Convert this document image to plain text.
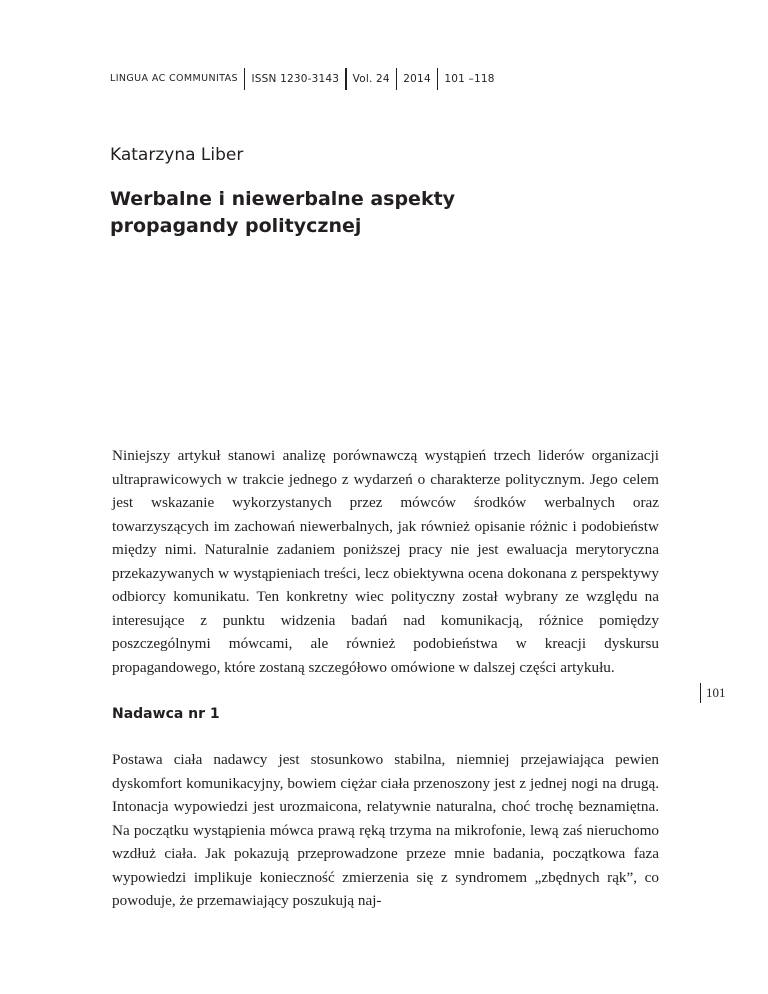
LINGUA AC COMMUNITAS	ISSN 1230-3143	Vol. 24	2014	101 –118
Katarzyna Liber
Werbalne i niewerbalne aspekty
propagandy politycznej

Niniejszy artykuł stanowi analizę porównawczą wystąpień trzech liderów organizacji ultraprawicowych w trakcie jednego z wydarzeń o charakterze politycznym. Jego celem jest wskazanie wykorzystanych przez mówców środków werbalnych oraz towarzyszących im zachowań niewerbalnych, jak również opisanie różnic i podobieństw między nimi. Naturalnie zadaniem poniższej pracy nie jest ewaluacja merytoryczna przekazywanych w wystąpieniach treści, lecz obiektywna ocena dokonana z perspektywy odbiorcy komunikatu. Ten konkretny wiec polityczny został wybrany ze względu na interesujące z punktu widzenia badań nad komunikacją, różnice pomiędzy poszczególnymi mówcami, ale również podobieństwa w kreacji dyskursu propagandowego, które zostaną szczegółowo omówione w dalszej części artykułu.

101
Nadawca nr 1

Postawa ciała nadawcy jest stosunkowo stabilna, niemniej przejawiająca pewien dyskomfort komunikacyjny, bowiem ciężar ciała przenoszony jest z jednej nogi na drugą. Intonacja wypowiedzi jest urozmaicona, relatywnie naturalna, choć trochę beznamiętna. Na początku wystąpienia mówca prawą ręką trzyma na mikrofonie, lewą zaś nieruchomo wzdłuż ciała. Jak pokazują przeprowadzone przeze mnie badania, początkowa faza wypowiedzi implikuje konieczność zmierzenia się z syndromem „zbędnych rąk”, co powoduje, że przemawiający poszukują naj-
